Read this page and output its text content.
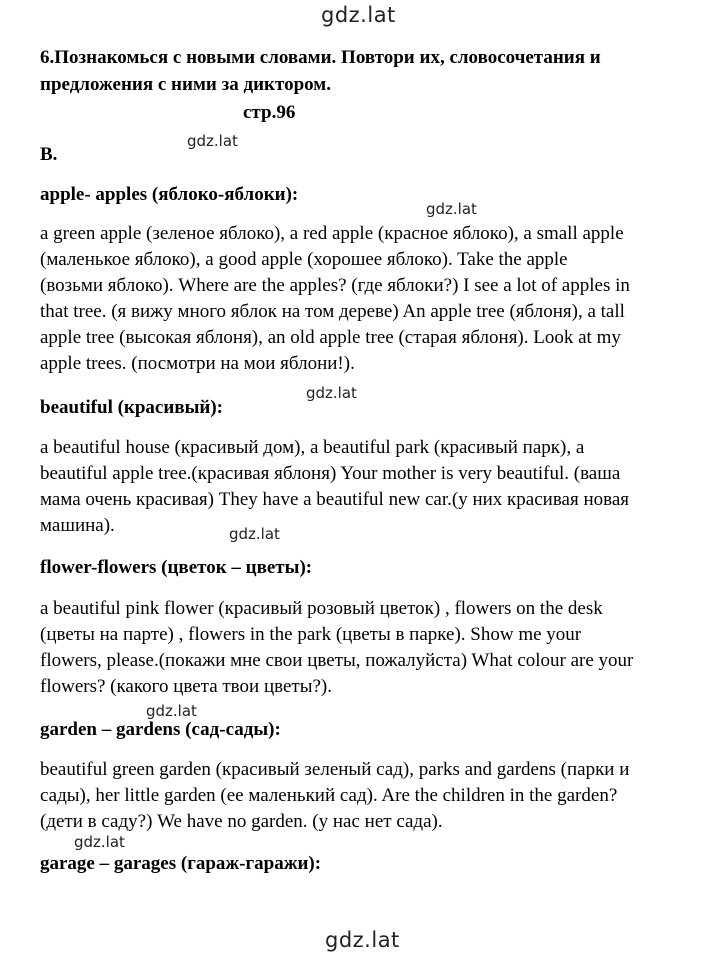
gdz.lat
gdz.lat
gdz.lat
gdz.lat
gdz.lat
gdz.lat
gdz.lat
gdz.lat
6.Познакомься с новыми словами. Повтори их, словосочетания и
предложения с ними за диктором.
стр.96
B.
apple- apples (яблоко-яблоки):

a green apple (зеленое яблоко), a red apple (красное яблоко), a small apple

(маленькое яблоко), a good apple (хорошее яблоко). Take the apple

(возьми яблоко). Where are the apples? (где яблоки?) I see a lot of apples in

that tree. (я вижу много яблок на том дереве) An apple tree (яблоня), a tall

apple tree (высокая яблоня), an old apple tree (старая яблоня). Look at my

apple trees. (посмотри на мои яблони!).

beautiful (красивый):

a beautiful house (красивый дом), a beautiful park (красивый парк), a

beautiful apple tree.(красивая яблоня) Your mother is very beautiful. (ваша

мама очень красивая) They have a beautiful new car.(у них красивая новая

машина).

flower-flowers (цветок – цветы):

a beautiful pink flower (красивый розовый цветок) , flowers on the desk

(цветы на парте) , flowers in the park (цветы в парке). Show me your

flowers, please.(покажи мне свои цветы, пожалуйста) What colour are your

flowers? (какого цвета твои цветы?).

garden – gardens (сад-сады):

beautiful green garden (красивый зеленый сад), parks and gardens (парки и

сады), her little garden (ее маленький сад). Are the children in the garden?

(дети в саду?) We have no garden. (у нас нет сада).

garage – garages (гараж-гаражи):
